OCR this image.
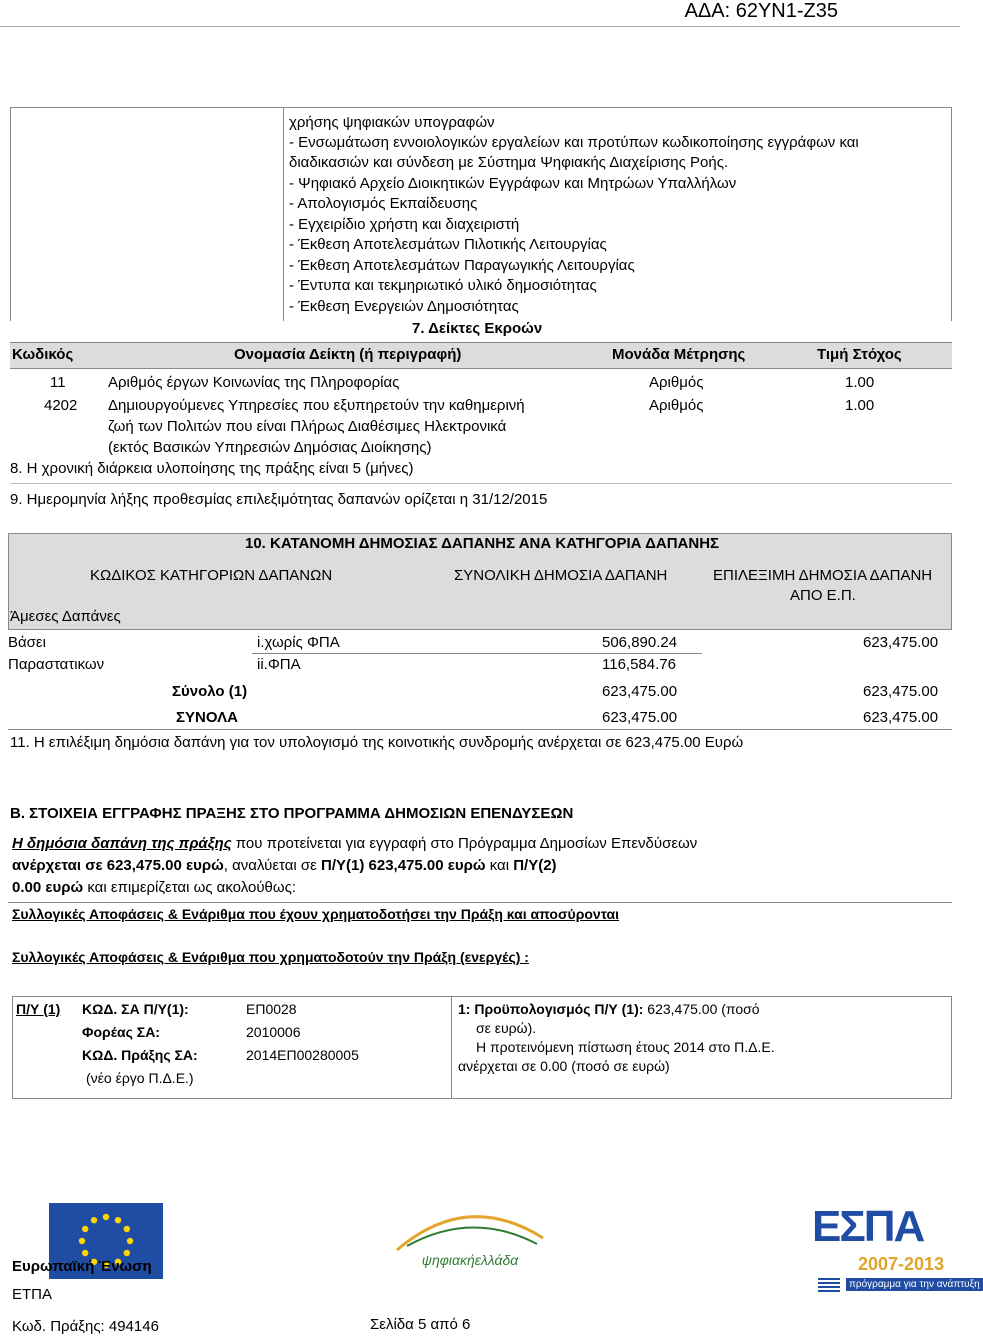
ΑΔΑ: 62ΥΝ1-Ζ35
χρήσης ψηφιακών υπογραφών
- Ενσωμάτωση εννοιολογικών εργαλείων και προτύπων κωδικοποίησης εγγράφων και
διαδικασιών και σύνδεση με Σύστημα Ψηφιακής Διαχείρισης Ροής.
- Ψηφιακό Αρχείο Διοικητικών Εγγράφων και Μητρώων Υπαλλήλων
- Απολογισμός Εκπαίδευσης
- Εγχειρίδιο χρήστη και διαχειριστή
- Έκθεση Αποτελεσμάτων Πιλοτικής Λειτουργίας
- Έκθεση Αποτελεσμάτων Παραγωγικής Λειτουργίας
- Έντυπα και τεκμηριωτικό υλικό δημοσιότητας
- Έκθεση Ενεργειών Δημοσιότητας
7. Δείκτες Εκροών
Κωδικός	Ονομασία Δείκτη (ή περιγραφή)	Μονάδα Μέτρησης	Τιμή Στόχος
11	Αριθμός έργων Κοινωνίας της Πληροφορίας	Αριθμός	1.00
4202 Δημιουργούμενες Υπηρεσίες που εξυπηρετούν την καθημερινή
ζωή των Πολιτών που είναι Πλήρως Διαθέσιμες Ηλεκτρονικά
(εκτός Βασικών Υπηρεσιών Δημόσιας Διοίκησης)
Αριθμός	1.00
8. Η χρονική διάρκεια υλοποίησης της πράξης είναι 5 (μήνες)
9. Ημερομηνία λήξης προθεσμίας επιλεξιμότητας δαπανών ορίζεται η 31/12/2015
10. ΚΑΤΑΝΟΜΗ ΔΗΜΟΣΙΑΣ ΔΑΠΑΝΗΣ ΑΝΑ ΚΑΤΗΓΟΡΙΑ ΔΑΠΑΝΗΣ
ΚΩΔΙΚΟΣ ΚΑΤΗΓΟΡΙΩΝ ΔΑΠΑΝΩΝ	ΣΥΝΟΛΙΚΗ ΔΗΜΟΣΙΑ ΔΑΠΑΝΗ	ΕΠΙΛΕΞΙΜΗ ΔΗΜΟΣΙΑ ΔΑΠΑΝΗ
ΑΠΟ Ε.Π.
Άμεσες Δαπάνες
Βάσει
Παραστατικων
i.χωρίς ΦΠΑ	506,890.24	623,475.00
ii.ΦΠΑ	116,584.76
Σύνολο (1)	623,475.00	623,475.00
ΣΥΝΟΛΑ	623,475.00	623,475.00
11. Η επιλέξιμη δημόσια δαπάνη για τον υπολογισμό της κοινοτικής συνδρομής ανέρχεται σε 623,475.00 Ευρώ
Β. ΣΤΟΙΧΕΙΑ ΕΓΓΡΑΦΗΣ ΠΡΑΞΗΣ ΣΤΟ ΠΡΟΓΡΑΜΜΑ ΔΗΜΟΣΙΩΝ ΕΠΕΝΔΥΣΕΩΝ
Η δημόσια δαπάνη της πράξης που προτείνεται για εγγραφή στο Πρόγραμμα Δημοσίων Επενδύσεων
ανέρχεται σε 623,475.00 ευρώ, αναλύεται σε Π/Υ(1) 623,475.00 ευρώ και Π/Υ(2)
0.00 ευρώ και επιμερίζεται ως ακολούθως:
Συλλογικές Αποφάσεις & Ενάριθμα που έχουν χρηματοδοτήσει την Πράξη και αποσύρονται
Συλλογικές Αποφάσεις & Ενάριθμα που χρηματοδοτούν την Πράξη (ενεργές) :
Π/Υ (1) ΚΩΔ. ΣΑ Π/Υ(1):	ΕΠ0028
Φορέας ΣΑ:	2010006
ΚΩΔ. Πράξης ΣΑ:	2014ΕΠ00280005
(νέο έργο Π.Δ.Ε.)
1: Προϋπολογισμός Π/Υ (1): 623,475.00 (ποσό
σε ευρώ).
Η προτεινόμενη πίστωση έτους 2014 στο Π.Δ.Ε.
ανέρχεται σε 0.00 (ποσό σε ευρώ)
Ευρωπαϊκή Ένωση
ΕΤΠΑ
ψηφιακήελλάδα
ΕΣΠΑ
2007-2013
πρόγραμμα για την ανάπτυξη
Κωδ. Πράξης: 494146	Σελίδα 5 από 6
